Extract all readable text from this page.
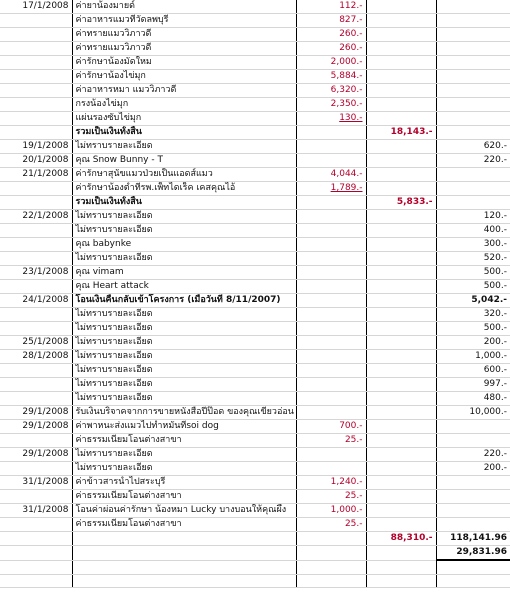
17/1/2008	ค่ายาน้องมายด์	112.-		
	ค่าอาหารแมวที่วัดลพบุรี	827.-		
	ค่าทรายแมววิภาวดี	260.-		
	ค่าทรายแมววิภาวดี	260.-		
	ค่ารักษาน้องมัดใหม	2,000.-		
	ค่ารักษาน้องไข่มุก	5,884.-		
	ค่าอาหารหมา แมววิภาวดี	6,320.-		
	กรงน้องไข่มุก	2,350.-		
	แผ่นรองซับไข่มุก	130.-		
	รวมเป็นเงินทั้งสิ้น		18,143.-	
19/1/2008	ไม่ทราบรายละเอียด			620.-
20/1/2008	คุณ Snow Bunny - T			220.-
21/1/2008	ค่ารักษาสุนัขแมวป่วยเป็นแอดส์แมว	4,044.-		
	ค่ารักษาน้องต่ำที่รพ.เพ็ทไดเร็ค เคสคุณไอ้	1,789.-		
	รวมเป็นเงินทั้งสิ้น		5,833.-	
22/1/2008	ไม่ทราบรายละเอียด			120.-
	ไม่ทราบรายละเอียด			400.-
	คุณ babynke			300.-
	ไม่ทราบรายละเอียด			520.-
23/1/2008	คุณ vimam			500.-
	คุณ Heart attack			500.-
24/1/2008	โอนเงินคืนกลับเข้าโครงการ (เมื่อวันที่ 8/11/2007)			5,042.-
	ไม่ทราบรายละเอียด			320.-
	ไม่ทราบรายละเอียด			500.-
25/1/2008	ไม่ทราบรายละเอียด			200.-
28/1/2008	ไม่ทราบรายละเอียด			1,000.-
	ไม่ทราบรายละเอียด			600.-
	ไม่ทราบรายละเอียด			997.-
	ไม่ทราบรายละเอียด			480.-
29/1/2008	รับเงินบริจาคจากการขายหนังสือปีป๊อด ของคุณเขียวอ่อน			10,000.-
29/1/2008	ค่าพาหนะส่งแมวไปทำหมันที่soi dog	700.-		
	ค่าธรรมเนียมโอนต่างสาขา	25.-		
29/1/2008	ไม่ทราบรายละเอียด			220.-
	ไม่ทราบรายละเอียด			200.-
31/1/2008	ค่าข้าวสารนำไปสระบุรี	1,240.-		
	ค่าธรรมเนียมโอนต่างสาขา	25.-		
31/1/2008	โอนค่าผ่อนค่ารักษา น้องหมา Lucky บางบอนให้คุณผึ้ง	1,000.-		
	ค่าธรรมเนียมโอนต่างสาขา	25.-		
			88,310.-	118,141.96
				29,831.96
